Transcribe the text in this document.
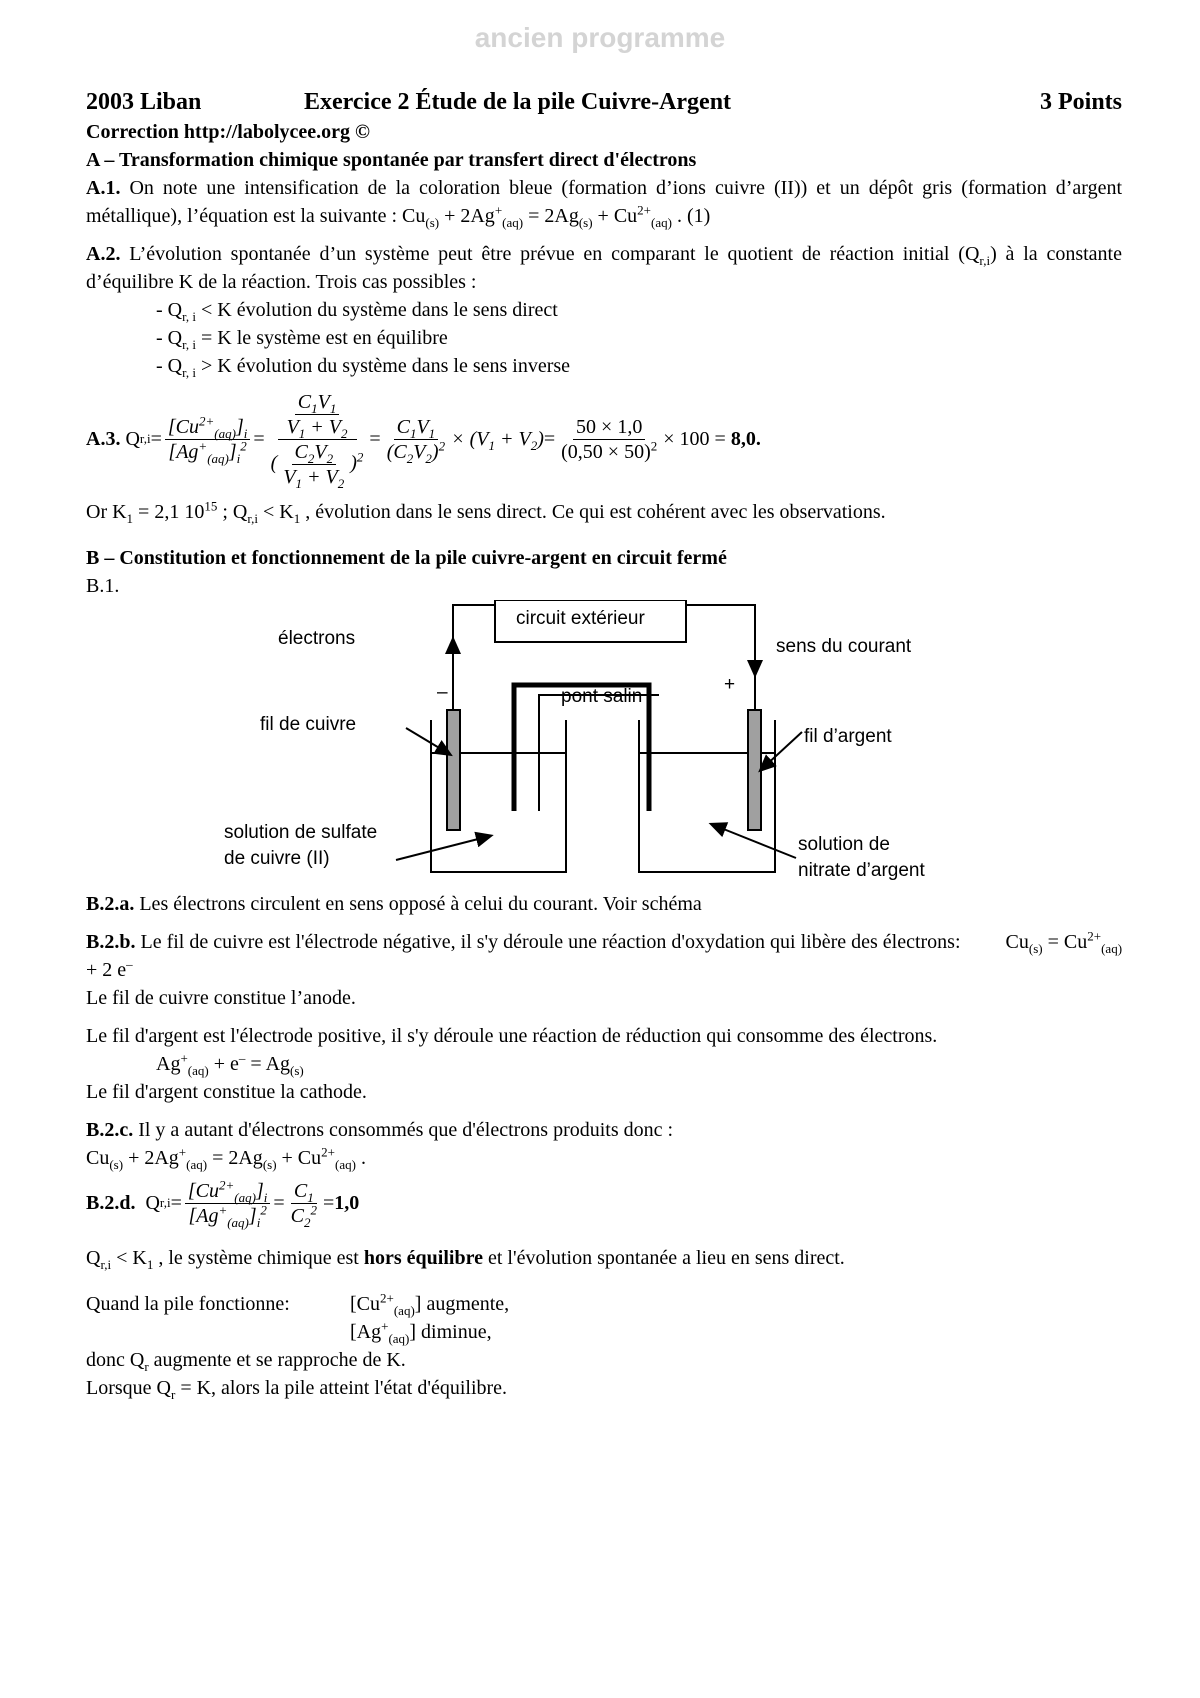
ancien programme
2003 Liban	Exercice 2 Étude de la pile Cuivre-Argent	3 Points

Correction http://labolycee.org ©

A – Transformation chimique spontanée par transfert direct d'électrons

A.1. On note une intensification de la coloration bleue (formation d’ions cuivre (II)) et un dépôt gris (formation d’argent métallique), l’équation est la suivante : $Cu_{(s)} + 2Ag^+_{(aq)} = 2Ag_{(s)} + Cu^{2+}_{(aq)}$ . (1)

A.2. L’évolution spontanée d’un système peut être prévue en comparant le quotient de réaction initial $(Q_{r,i})$ à la constante d’équilibre K de la réaction. Trois cas possibles :

- $Q_{r, i} < K$ évolution du système dans le sens direct

- $Q_{r, i} = K$ le système est en équilibre

- $Q_{r, i} > K$ évolution du système dans le sens inverse

A.3. Q $r,i = \frac{[Cu^{2+}_{(aq)}]_i}{[Ag^+_{(aq)}]_i^2} = \frac{\frac{C_1V_1}{V_1 + V_2}}{( \frac{C_2V_2}{V_1 + V_2} )^2} = \frac{C_1V_1}{(C_2V_2)^2} \times (V_1 + V_2) = \frac{50 \times 1,0}{(0,50 \times 50)^2} \times 100$ =
8,0.

Or $K_1 = 2,1$ $10^{15}$ ; $Q_{r,i} < K_1$ , évolution dans le sens direct. Ce qui est cohérent avec les observations.

B – Constitution et fonctionnement de la pile cuivre-argent en circuit fermé

B.1.

circuit extérieur
électrons	sens du courant
–	+
pont salin
fil de cuivre
fil d’argent
solution de sulfate
de cuivre (II)
solution de
nitrate d’argent

B.2.a. Les électrons circulent en sens opposé à celui du courant. Voir schéma

B.2.b. Le fil de cuivre est l'électrode négative, il s'y déroule une réaction d'oxydation qui libère des électrons: $Cu_{(s)} = Cu^{2+}_{(aq)} + 2$ e–

Le fil de cuivre constitue l’anode.

Le fil d'argent est l'électrode positive, il s'y déroule une réaction de réduction qui consomme des électrons.

$Ag^+_{(aq)} + e^- = Ag_{(s)}$

Le fil d'argent constitue la cathode.

B.2.c. Il y a autant d'électrons consommés que d'électrons produits donc :

$Cu_{(s)} + 2Ag^+_{(aq)} = 2Ag_{(s)} + Cu^{2+}_{(aq)}$ .

B.2.d. Q $r,i = \frac{[Cu^{2+}_{(aq)}]_i}{[Ag^+_{(aq)}]_i^2} = \frac{C_1}{C_2^2} = 1,0$

$Q_{r,i} < K_1$ , le système chimique est hors équilibre et l'évolution spontanée a lieu en sens direct.

Quand la pile fonctionne:	$[Cu^{2+}_{(aq)}]$ augmente,

$[Ag^+_{(aq)}]$ diminue,

donc $Q_r$ augmente et se rapproche de K.

Lorsque $Q_r = K$, alors la pile atteint l'état d'équilibre.
